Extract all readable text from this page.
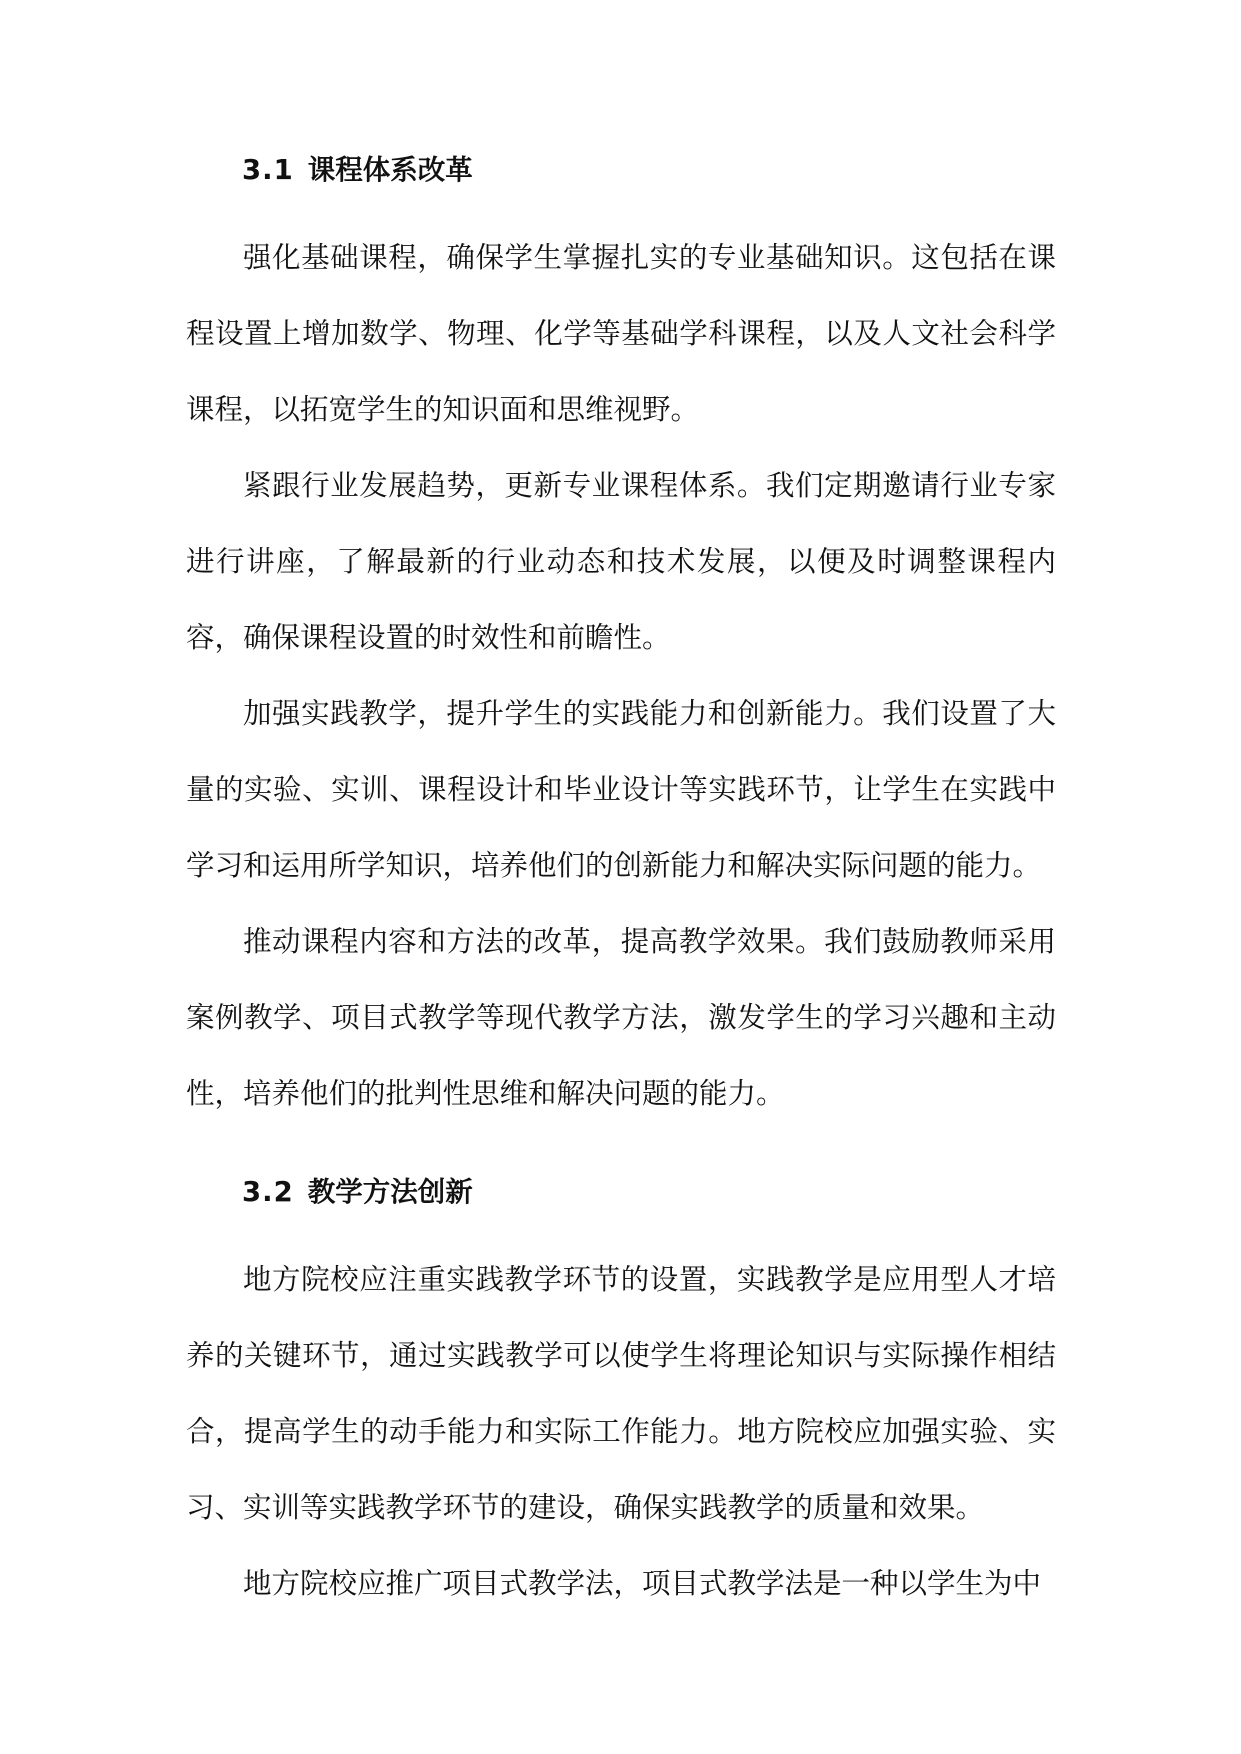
3.1 课程体系改革

强化基础课程，确保学生掌握扎实的专业基础知识。这包括在课程设置上增加数学、物理、化学等基础学科课程，以及人文社会科学课程，以拓宽学生的知识面和思维视野。

紧跟行业发展趋势，更新专业课程体系。我们定期邀请行业专家进行讲座，了解最新的行业动态和技术发展，以便及时调整课程内容，确保课程设置的时效性和前瞻性。

加强实践教学，提升学生的实践能力和创新能力。我们设置了大量的实验、实训、课程设计和毕业设计等实践环节，让学生在实践中学习和运用所学知识，培养他们的创新能力和解决实际问题的能力。

推动课程内容和方法的改革，提高教学效果。我们鼓励教师采用案例教学、项目式教学等现代教学方法，激发学生的学习兴趣和主动性，培养他们的批判性思维和解决问题的能力。

3.2 教学方法创新

地方院校应注重实践教学环节的设置，实践教学是应用型人才培养的关键环节，通过实践教学可以使学生将理论知识与实际操作相结合，提高学生的动手能力和实际工作能力。地方院校应加强实验、实习、实训等实践教学环节的建设，确保实践教学的质量和效果。

地方院校应推广项目式教学法，项目式教学法是一种以学生为中
